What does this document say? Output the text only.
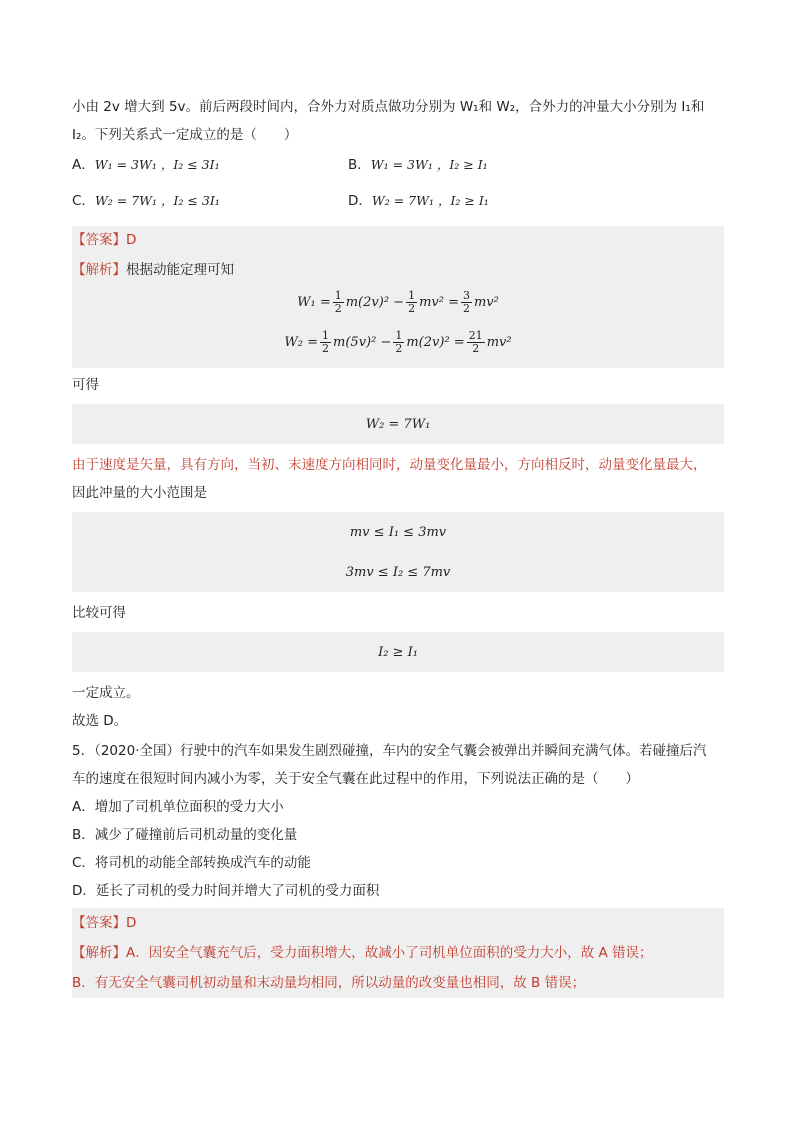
小由 2v 增大到 5v。前后两段时间内，合外力对质点做功分别为 W₁和 W₂，合外力的冲量大小分别为 I₁和
I₂。下列关系式一定成立的是（　　）
A．W₁ = 3W₁ ，I₂ ≤ 3I₁	B．W₁ = 3W₁ ，I₂ ≥ I₁
C．W₂ = 7W₁ ，I₂ ≤ 3I₁	D．W₂ = 7W₁ ，I₂ ≥ I₁
【答案】D
【解析】根据动能定理可知
$W_1 = \frac{1}{2} m(2v)^2 - \frac{1}{2} mv^2 = \frac{3}{2} mv^2$
$W_2 = \frac{1}{2} m(5v)^2 - \frac{1}{2} m(2v)^2 = \frac{21}{2} mv^2$
可得
W₂ = 7W₁
由于速度是矢量，具有方向，当初、末速度方向相同时，动量变化量最小，方向相反时，动量变化量最大，
因此冲量的大小范围是
mv ≤ I₁ ≤ 3mv
3mv ≤ I₂ ≤ 7mv
比较可得
I₂ ≥ I₁
一定成立。
故选 D。
5．（2020·全国）行驶中的汽车如果发生剧烈碰撞，车内的安全气囊会被弹出并瞬间充满气体。若碰撞后汽
车的速度在很短时间内减小为零，关于安全气囊在此过程中的作用，下列说法正确的是（　　）
A．增加了司机单位面积的受力大小
B．减少了碰撞前后司机动量的变化量
C．将司机的动能全部转换成汽车的动能
D．延长了司机的受力时间并增大了司机的受力面积
【答案】D
【解析】A．因安全气囊充气后，受力面积增大，故减小了司机单位面积的受力大小，故 A 错误；
B．有无安全气囊司机初动量和末动量均相同，所以动量的改变量也相同，故 B 错误；
